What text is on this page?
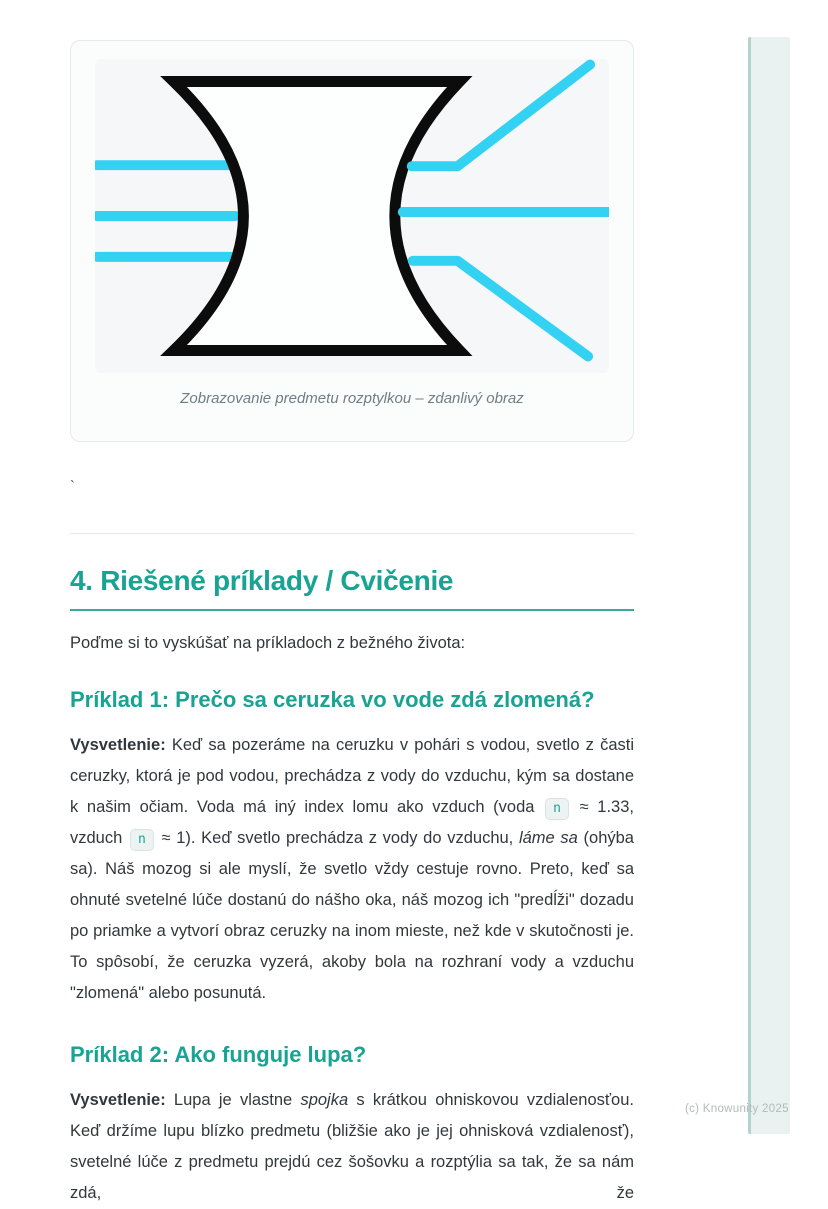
Zobrazovanie predmetu rozptylkou – zdanlivý obraz
`
4. Riešené príklady / Cvičenie

Poďme si to vyskúšať na príkladoch z bežného života:

Príklad 1: Prečo sa ceruzka vo vode zdá zlomená?

Vysvetlenie: Keď sa pozeráme na ceruzku v pohári s vodou, svetlo z časti ceruzky, ktorá je pod vodou, prechádza z vody do vzduchu, kým sa dostane k našim očiam. Voda má iný index lomu ako vzduch (voda n ≈ 1.33, vzduch n ≈ 1). Keď svetlo prechádza z vody do vzduchu, láme sa (ohýba sa). Náš mozog si ale myslí, že svetlo vždy cestuje rovno. Preto, keď sa ohnuté svetelné lúče dostanú do nášho oka, náš mozog ich "predĺži" dozadu po priamke a vytvorí obraz ceruzky na inom mieste, než kde v skutočnosti je. To spôsobí, že ceruzka vyzerá, akoby bola na rozhraní vody a vzduchu "zlomená" alebo posunutá.

Príklad 2: Ako funguje lupa?

Vysvetlenie: Lupa je vlastne spojka s krátkou ohniskovou vzdialenosťou. Keď držíme lupu blízko predmetu (bližšie ako je jej ohnisková vzdialenosť), svetelné lúče z predmetu prejdú cez šošovku a rozptýlia sa tak, že sa nám zdá, že

(c) Knowunity 2025
